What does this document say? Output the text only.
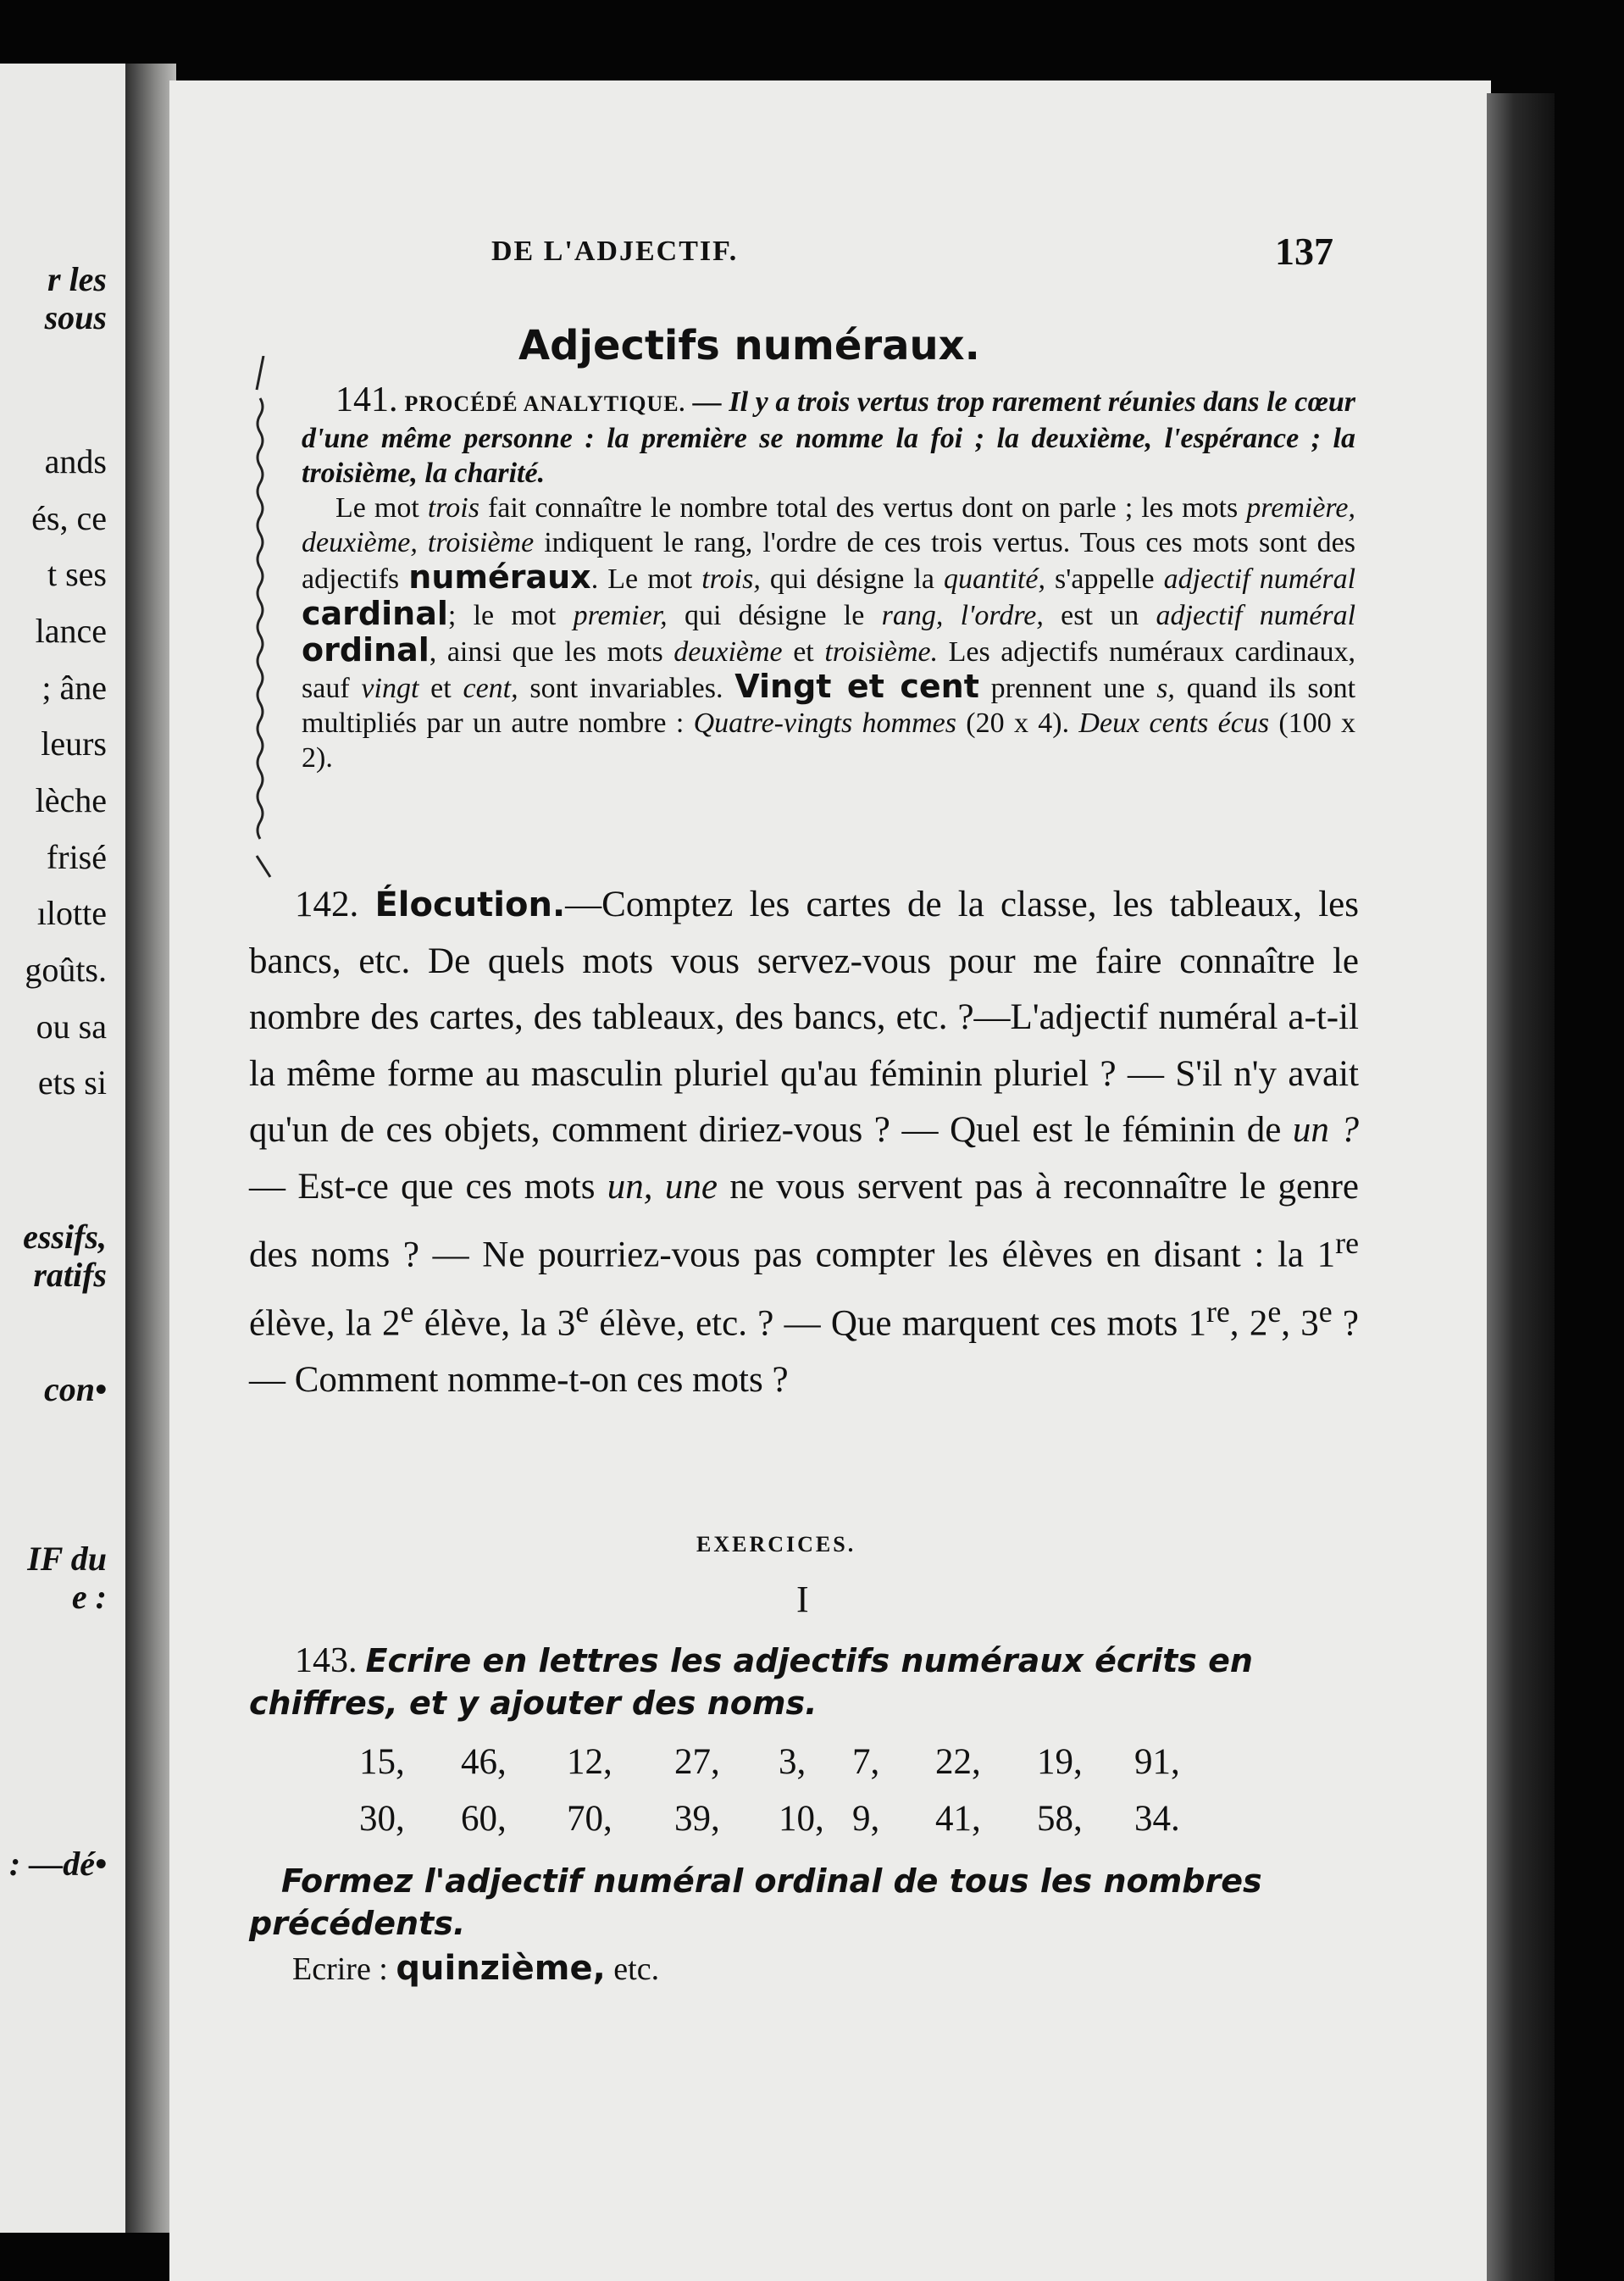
r les
sous
ands
és, ce
t ses
lance
; âne
leurs
lèche
frisé
ılotte
goûts.
ou sa
ets si
essifs,
ratifs
con•
IF du
e :
: —dé•
DE L'ADJECTIF.	137
Adjectifs numéraux.
141. PROCÉDÉ ANALYTIQUE. — Il y a trois vertus trop rarement réunies dans le cœur d'une même personne : la première se nomme la foi ; la deuxième, l'espérance ; la troisième, la charité.
Le mot trois fait connaître le nombre total des vertus dont on parle ; les mots première, deuxième, troisième indiquent le rang, l'ordre de ces trois vertus. Tous ces mots sont des adjectifs numéraux. Le mot trois, qui désigne la quantité, s'appelle adjectif numéral cardinal; le mot premier, qui désigne le rang, l'ordre, est un adjectif numéral ordinal, ainsi que les mots deuxième et troisième. Les adjectifs numéraux cardinaux, sauf vingt et cent, sont invariables. Vingt et cent prennent une s, quand ils sont multipliés par un autre nombre : Quatre-vingts hommes (20 x 4). Deux cents écus (100 x 2).
142. Élocution.—Comptez les cartes de la classe, les tableaux, les bancs, etc. De quels mots vous servez-vous pour me faire connaître le nombre des cartes, des tableaux, des bancs, etc. ?—L'adjectif numéral a-t-il la même forme au masculin pluriel qu'au féminin pluriel ? — S'il n'y avait qu'un de ces objets, comment diriez-vous ? — Quel est le féminin de un ? — Est-ce que ces mots un, une ne vous servent pas à reconnaître le genre des noms ? — Ne pourriez-vous pas compter les élèves en disant : la 1re élève, la 2e élève, la 3e élève, etc. ? — Que marquent ces mots 1re, 2e, 3e ? — Comment nomme-t-on ces mots ?
EXERCICES.
I
143. Ecrire en lettres les adjectifs numéraux écrits en chiffres, et y ajouter des noms.
15, 46, 12, 27, 3, 7, 22, 19, 91,
30, 60, 70, 39, 10, 9, 41, 58, 34.
Formez l'adjectif numéral ordinal de tous les nombres précédents.
Ecrire : quinzième, etc.
